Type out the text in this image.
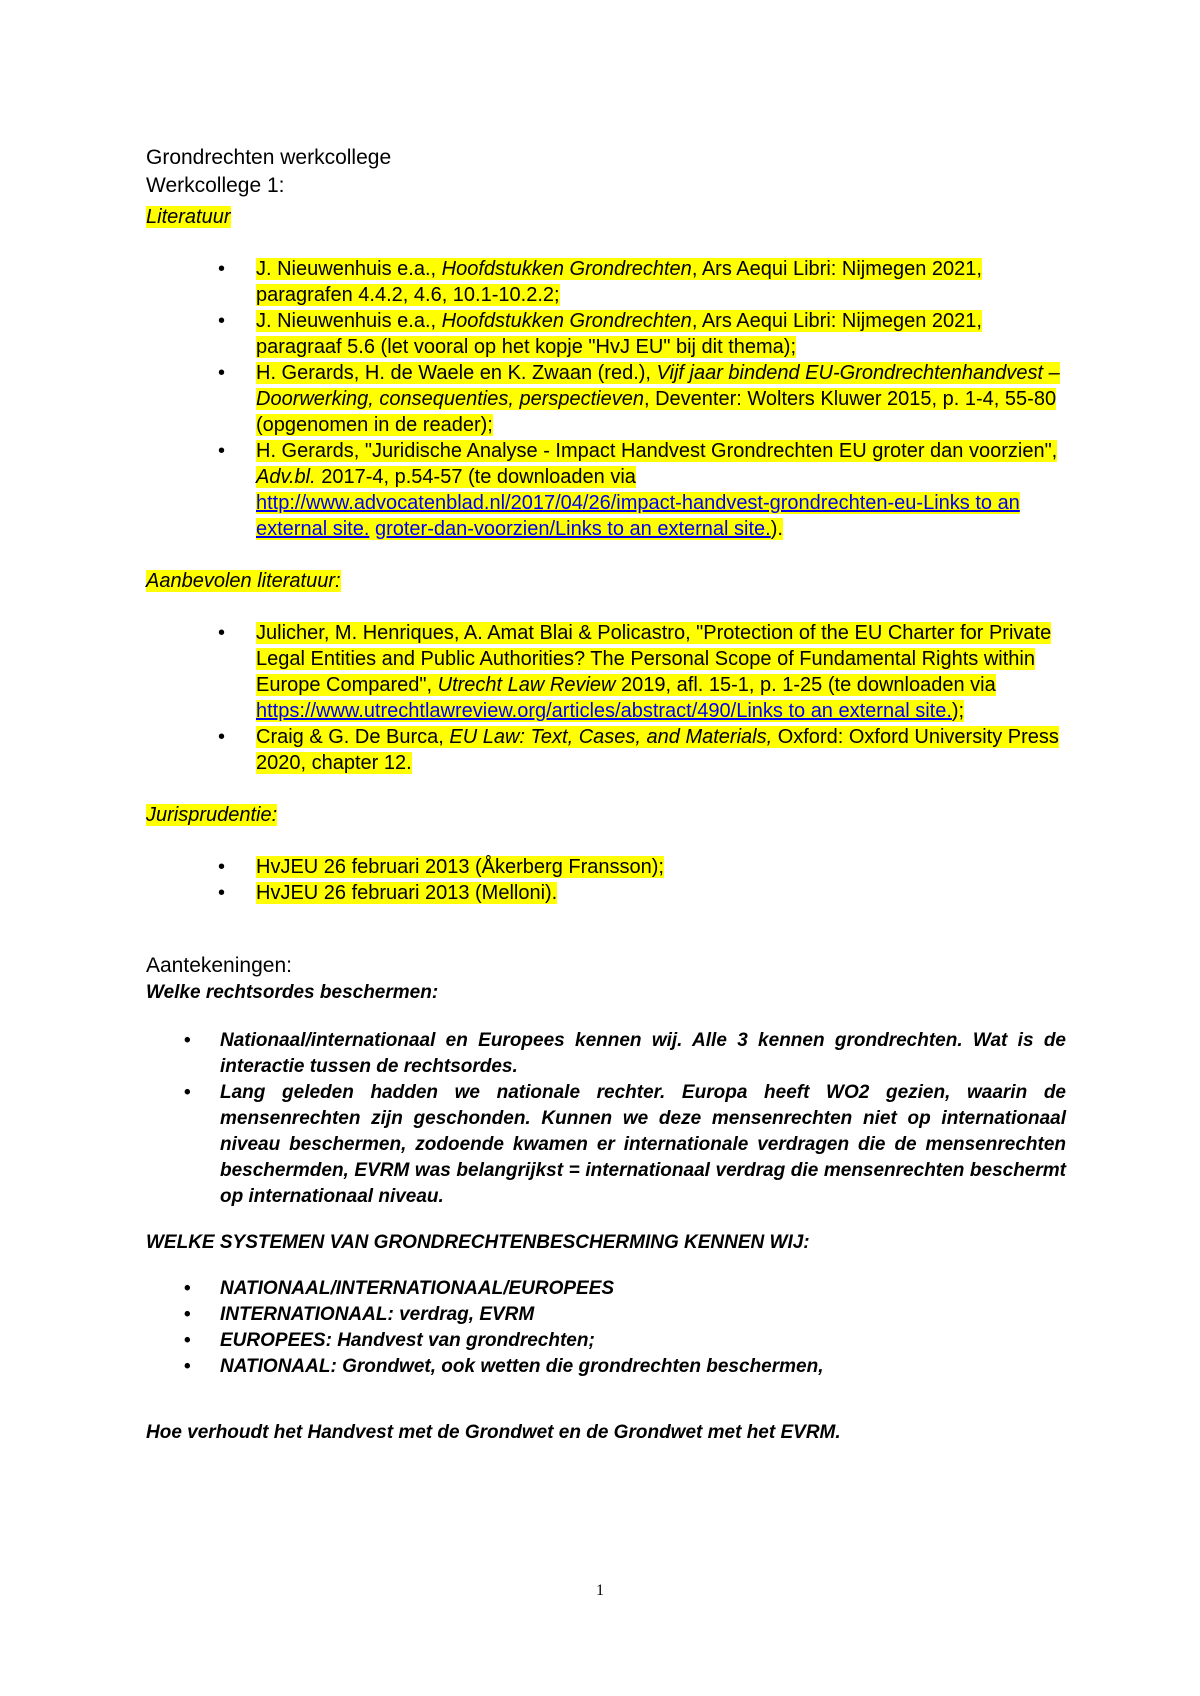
Grondrechten werkcollege

Werkcollege 1:

Literatuur

•	J. Nieuwenhuis e.a., Hoofdstukken Grondrechten, Ars Aequi Libri: Nijmegen 2021, paragrafen 4.4.2, 4.6, 10.1-10.2.2;
•	J. Nieuwenhuis e.a., Hoofdstukken Grondrechten, Ars Aequi Libri: Nijmegen 2021, paragraaf 5.6 (let vooral op het kopje "HvJ EU" bij dit thema);
•	H. Gerards, H. de Waele en K. Zwaan (red.), Vijf jaar bindend EU-Grondrechtenhandvest – Doorwerking, consequenties, perspectieven, Deventer: Wolters Kluwer 2015, p. 1-4, 55-80 (opgenomen in de reader);
•	H. Gerards, "Juridische Analyse - Impact Handvest Grondrechten EU groter dan voorzien", Adv.bl. 2017-4, p.54-57 (te downloaden via http://www.advocatenblad.nl/2017/04/26/impact-handvest-grondrechten-eu-Links to an external site. groter-dan-voorzien/Links to an external site.).

Aanbevolen literatuur:

•	Julicher, M. Henriques, A. Amat Blai & Policastro, "Protection of the EU Charter for Private Legal Entities and Public Authorities? The Personal Scope of Fundamental Rights within Europe Compared", Utrecht Law Review 2019, afl. 15-1, p. 1-25 (te downloaden via https://www.utrechtlawreview.org/articles/abstract/490/Links to an external site.);
•	Craig & G. De Burca, EU Law: Text, Cases, and Materials, Oxford: Oxford University Press 2020, chapter 12.

Jurisprudentie:

•	HvJEU 26 februari 2013 (Åkerberg Fransson);
•	HvJEU 26 februari 2013 (Melloni).

Aantekeningen:

Welke rechtsordes beschermen:

• Nationaal/internationaal en Europees kennen wij. Alle 3 kennen grondrechten. Wat is de interactie tussen de rechtsordes.
• Lang geleden hadden we nationale rechter. Europa heeft WO2 gezien, waarin de mensenrechten zijn geschonden. Kunnen we deze mensenrechten niet op internationaal niveau beschermen, zodoende kwamen er internationale verdragen die de mensenrechten beschermden, EVRM was belangrijkst = internationaal verdrag die mensenrechten beschermt op internationaal niveau.

WELKE SYSTEMEN VAN GRONDRECHTENBESCHERMING KENNEN WIJ:

• NATIONAAL/INTERNATIONAAL/EUROPEES
• INTERNATIONAAL: verdrag, EVRM
• EUROPEES: Handvest van grondrechten;
• NATIONAAL: Grondwet, ook wetten die grondrechten beschermen,

Hoe verhoudt het Handvest met de Grondwet en de Grondwet met het EVRM.

1
